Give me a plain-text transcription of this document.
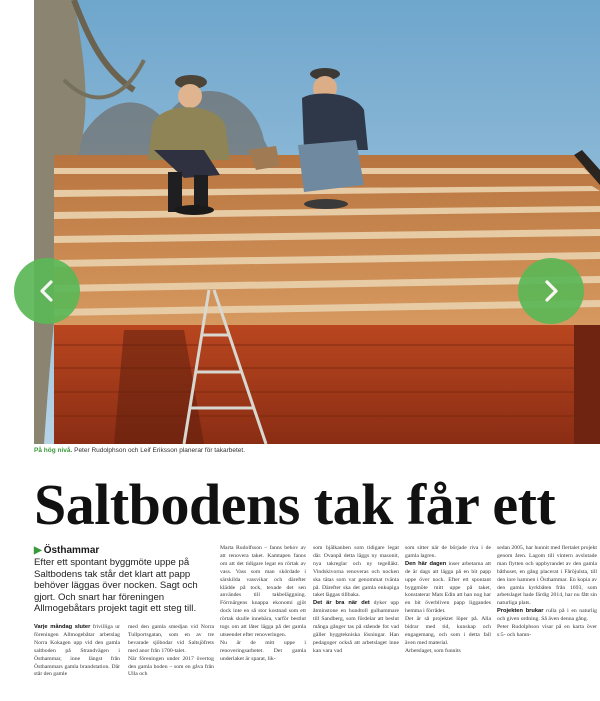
På hög nivå. Peter Rudolphson och Leif Eriksson planerar för takarbetet.
Saltbodens tak får ett
▶ Östhammar
Efter ett spontant byggmöte uppe på Saltbodens tak står det klart att papp behöver läggas över nocken. Sagt och gjort. Och snart har föreningen Allmogebåtars projekt tagit ett steg till.
Varje måndag sluter frivilliga ur föreningen Allmogebåtar arbetslag Norra Kokagen upp vid den gamla saltboden på Strandvägen i Östhammar, inne längst från Östhammars gamla brandstation. Där står den gamle
med den gamla smedjan vid Norra Tullportsgatan, som en av tre bevarade sjöbodar vid Saltsjöfrets med anor från 1700-talet.
När föreningen under 2017 övertog den gamla boden – som en gåva från Ulla och
Marta Rudolfsson – fanns behov av att renovera taket. Kamtapen fanns om att det tidigare legat en rörtak av vass. Vass som man skördade i särskilda vassvikar och därefter klädde på tock, texade det sen användes till takbeläggning. Förrnärgens knappa ekonomi gjöt dock inte en så stor kostnad som ett rörtak skulle innebära, varför bestlut togs om att låter lägga på det gamla utseendet efter renoveringen.
Nu är de mitt uppe i renoveringsarbetet. Det gamla underlaket är sparat, lik-
som bjälkanben som tidigare legat där. Ovanpå detta läggs ny masonit, nya takreglar och ny tegelläkt. Vindskivorna renoveras och nocken ska tätas som var genommat tvänta på. Därefter ska det gamla enkupiga taket läggas tillbaka.
Det är bra när det dyker upp åtminstone en hundtoll gulhammare till Sandberg, som fördelar att beslut många gånger tas på stående fot vad gäller byggtekniska lösningar. Han pedagoger också att arbetslaget inne kan vara vad
som sitter när de började riva i de gamla lagren.
Den här dagen inser arbetarna att de är dags att lägga på en bit papp uppe över nock. Efter ett spontant byggmöte mitt uppe på taket, konstaterar Mats Edin att han nog har en bit överbliven papp liggandes hemma i förrådet.
Det är så projektet löper på. Alla bidrar med tid, kunskap och engagemang, och som i detta fall även med material.
Arbetslaget, som funnits
sedan 2005, har hunnit med flertalet projekt genom åren. Lagom till vintern avslutade man flytten och uppbyrandet av den gamla båthuset, en gång placerat i Fåröjulsta, till den inre hamnen i Östhammar. En kopia av den gamla kyrkbåten från 1693, som arbetslaget hade färdig 2014, har nu fått sin naturliga plats.
Projekten brukar rulla på i en naturlig och given ordning. Så även denna gång.
Peter Rudolphson visar på en karta över s:5- och hamn-
